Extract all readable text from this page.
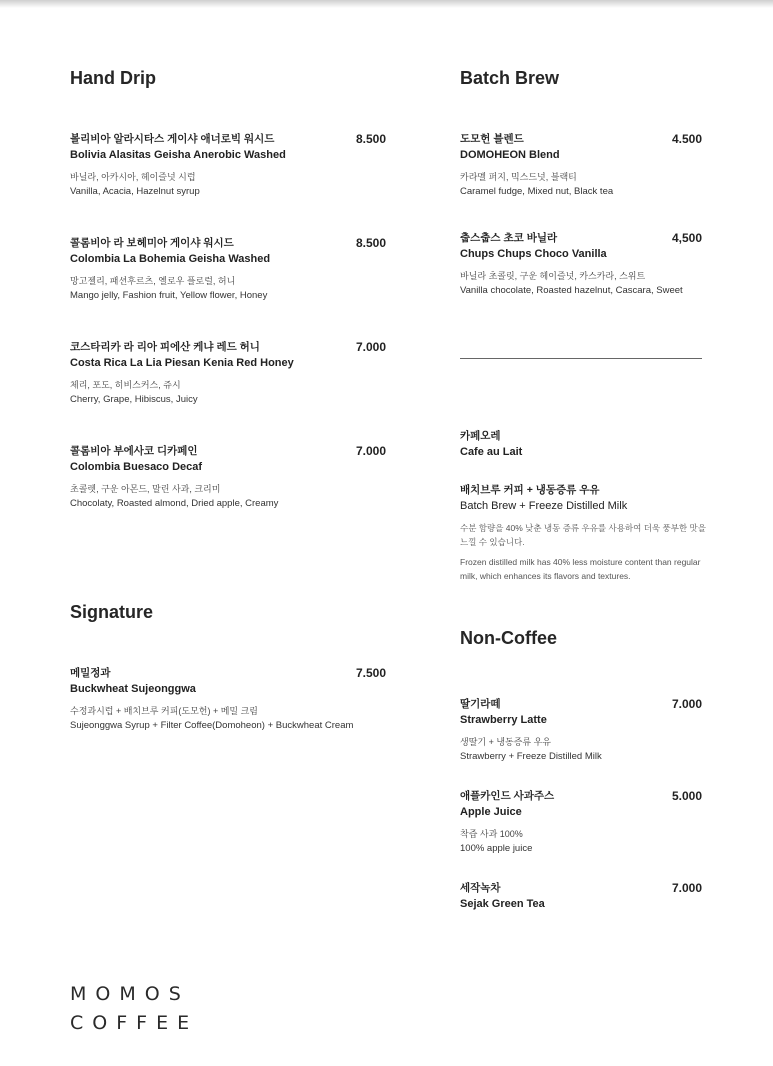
Hand Drip
볼리비아 알라시타스 게이샤 애너로빅 워시드
Bolivia Alasitas Geisha Anerobic Washed
8.500
바닐라, 아카시아, 헤이즐넛 시럽
Vanilla, Acacia, Hazelnut syrup
콜롬비아 라 보헤미아 게이샤 워시드
Colombia La Bohemia Geisha Washed
8.500
망고젤리, 패션후르츠, 옐로우 플로럴, 허니
Mango jelly, Fashion fruit, Yellow flower, Honey
코스타리카 라 리아 피에산 케냐 레드 허니
Costa Rica La Lia Piesan Kenia Red Honey
7.000
체리, 포도, 히비스커스, 쥬시
Cherry, Grape, Hibiscus, Juicy
콜롬비아 부에사코 디카페인
Colombia Buesaco Decaf
7.000
초콜렛, 구운 아몬드, 말린 사과, 크리미
Chocolaty, Roasted almond, Dried apple, Creamy
Signature
메밀정과
Buckwheat Sujeonggwa
7.500
수정과시럽 + 배치브루 커피(도모헌) + 메밀 크림
Sujeonggwa Syrup + Filter Coffee(Domoheon) + Buckwheat Cream
Batch Brew
도모헌 블렌드
DOMOHEON Blend
4.500
카라멜 퍼지, 믹스드넛, 블랙티
Caramel fudge, Mixed nut, Black tea
춥스춥스 초코 바닐라
Chups Chups Choco Vanilla
4,500
바닐라 초콜릿, 구운 헤이즐넛, 카스카라, 스위트
Vanilla chocolate, Roasted hazelnut, Cascara, Sweet
카페오레
Cafe au Lait
배치브루 커피 + 냉동증류 우유
Batch Brew + Freeze Distilled Milk
수분 함량을 40% 낮춘 냉동 증류 우유를 사용하여 더욱 풍부한 맛을 느낄 수 있습니다.
Frozen distilled milk has 40% less moisture content than regular milk, which enhances its flavors and textures.
Non-Coffee
딸기라떼
Strawberry Latte
7.000
생딸기 + 냉동증류 우유
Strawberry + Freeze Distilled Milk
애플카인드 사과주스
Apple Juice
5.000
착즙 사과 100%
100% apple juice
세작녹차
Sejak Green Tea
7.000
MOMOS
COFFEE
